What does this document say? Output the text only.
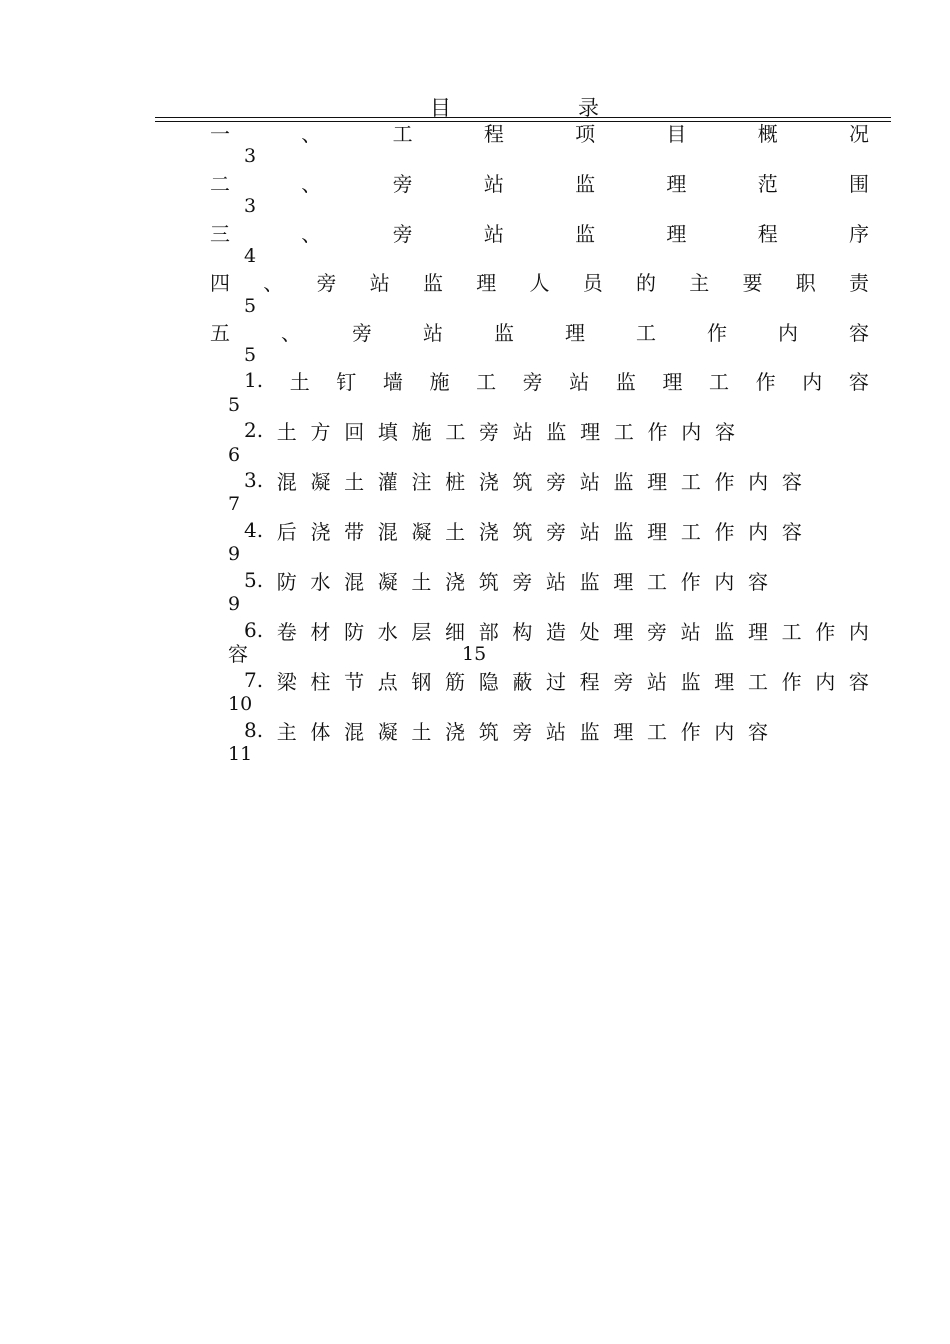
目	录
一	、	工	程	项	目	概	况
3
二	、	旁	站	监	理	范	围
3
三	、	旁	站	监	理	程	序
4
四 、 旁 站 监 理 人 员 的 主 要 职 责
5
五	、	旁	站	监	理	工	作	内	容
5
1. 土 钉 墙 施 工 旁 站 监 理 工 作 内 容
5
2. 土 方 回 填 施 工 旁 站 监 理 工 作 内 容
6
3. 混 凝 土 灌 注 桩 浇 筑 旁 站 监 理 工 作 内 容
7
4. 后 浇 带 混 凝 土 浇 筑 旁 站 监 理 工 作 内 容
9
5. 防 水 混 凝 土 浇 筑 旁 站 监 理 工 作 内 容
9
6. 卷 材 防 水 层 细 部 构 造 处 理 旁 站 监 理 工 作 内
容	15
7. 梁 柱 节 点 钢 筋 隐 蔽 过 程 旁 站 监 理 工 作 内 容
10
8. 主 体 混 凝 土 浇 筑 旁 站 监 理 工 作 内 容
11
